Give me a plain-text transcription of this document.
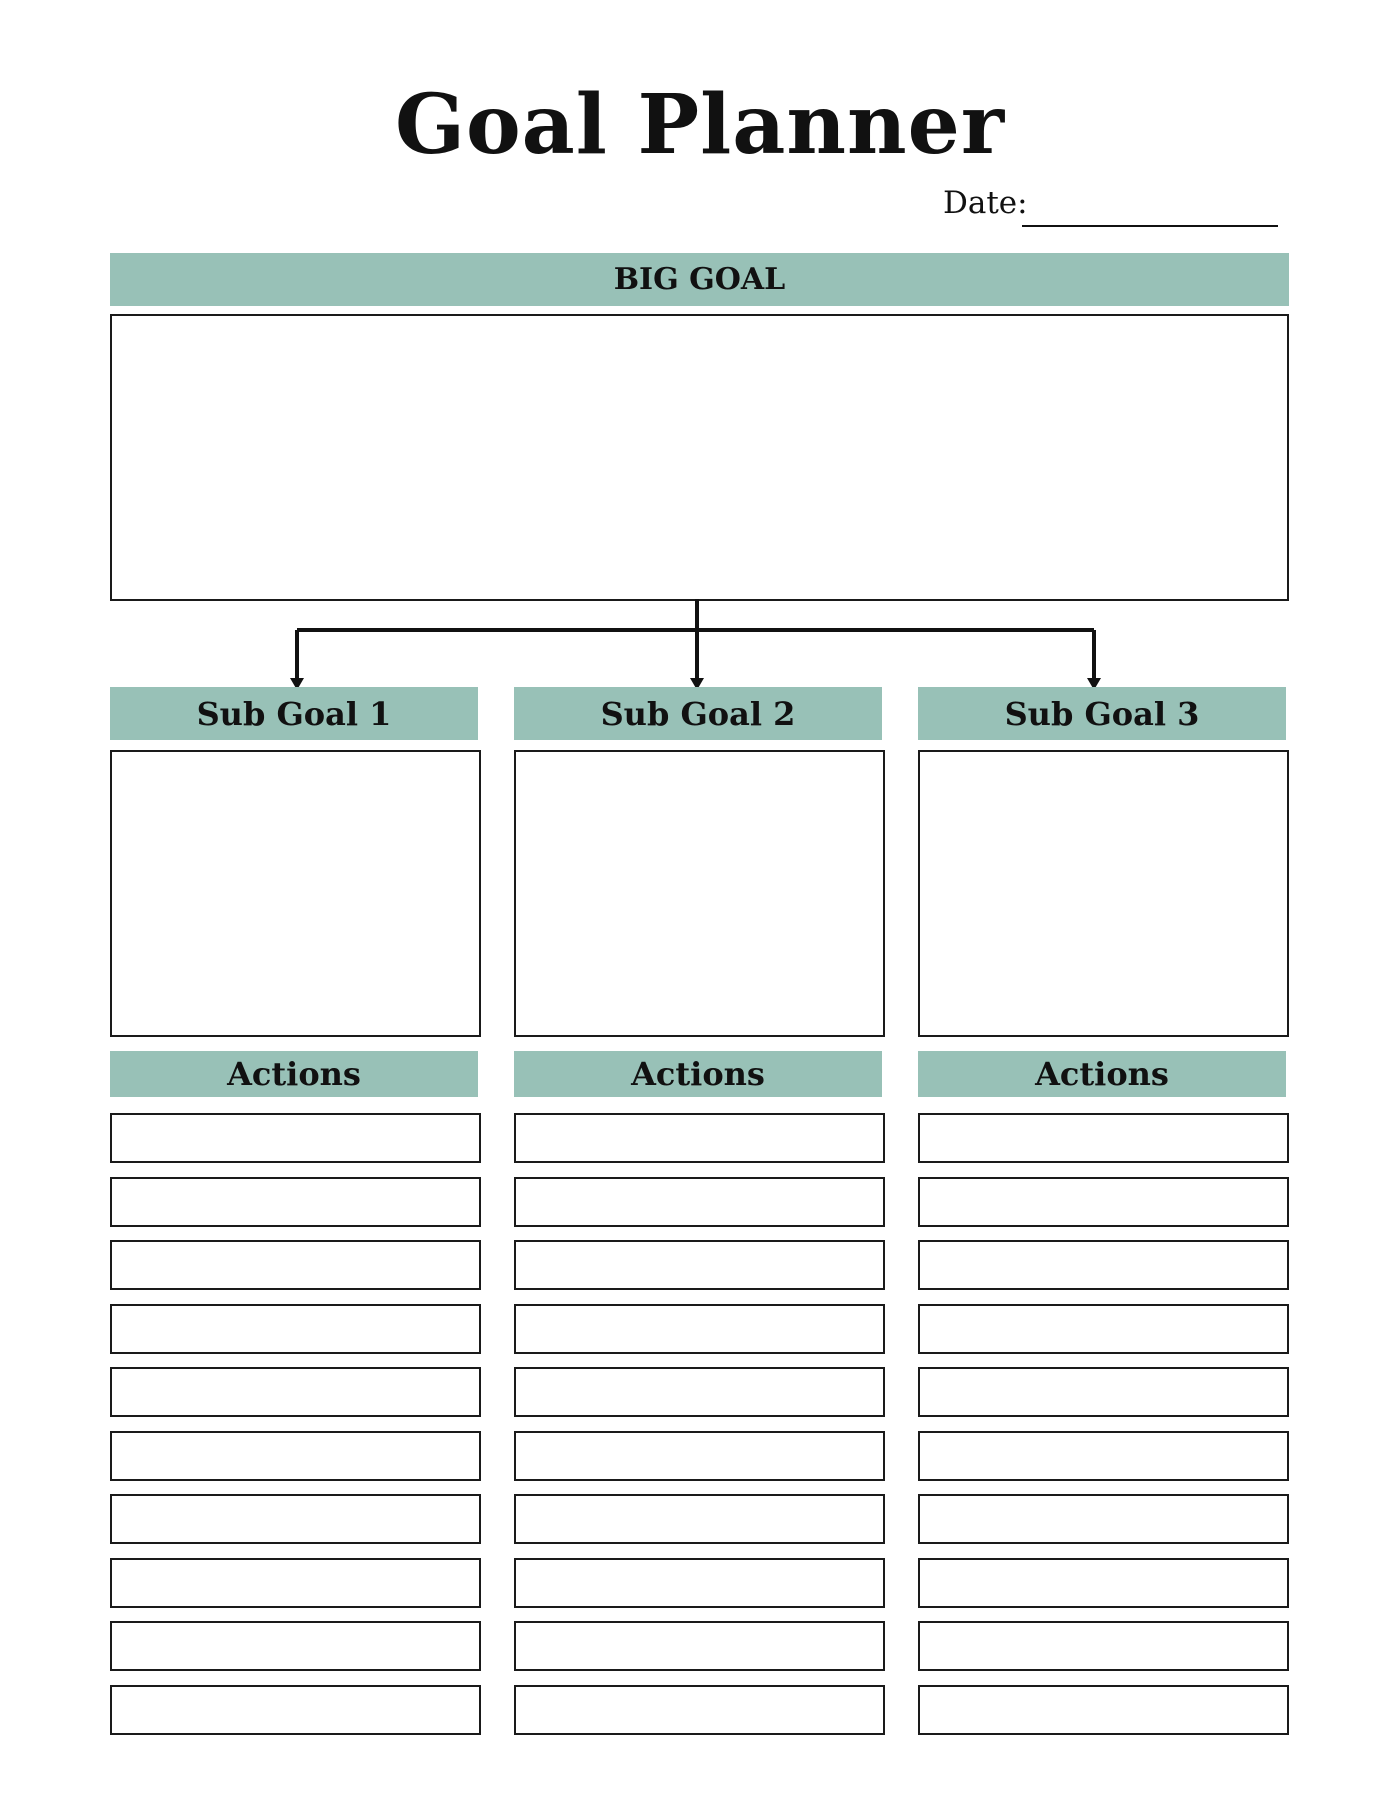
Goal Planner
Date:
BIG GOAL
Sub Goal 1
Actions
Sub Goal 2
Actions
Sub Goal 3
Actions
